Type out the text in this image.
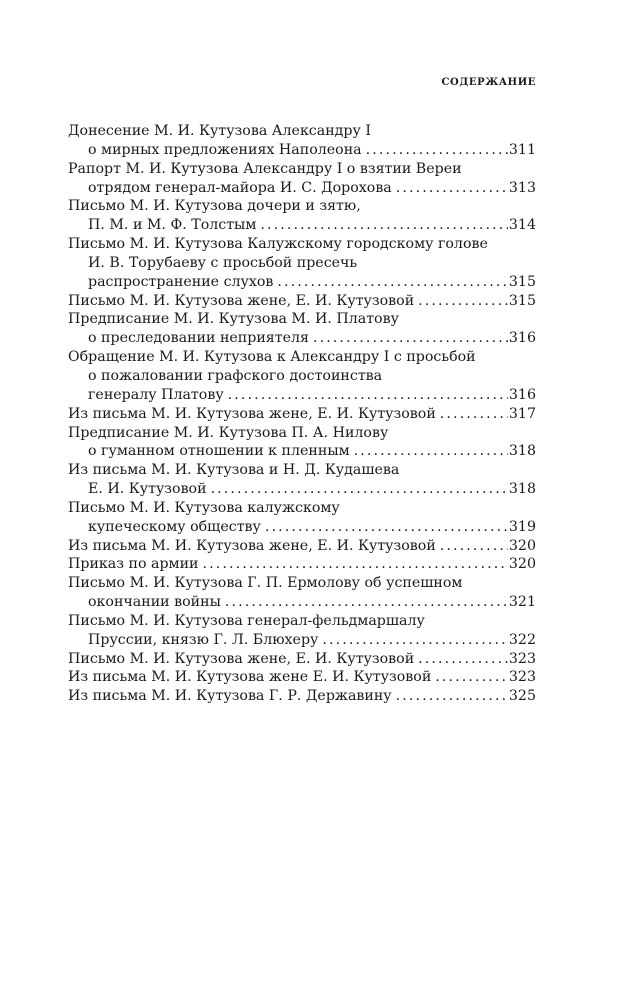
СОДЕРЖАНИЕ
Донесение М. И. Кутузова Александру I
о мирных предложениях Наполеона . . .	311
Рапорт М. И. Кутузова Александру I о взятии Вереи
отрядом генерал-майора И. С. Дорохова . . .	313
Письмо М. И. Кутузова дочери и зятю,
П. М. и М. Ф. Толстым . . .	314
Письмо М. И. Кутузова Калужскому городскому голове
И. В. Торубаеву с просьбой пресечь
распространение слухов . . .	315
Письмо М. И. Кутузова жене, Е. И. Кутузовой . . .	315
Предписание М. И. Кутузова М. И. Платову
о преследовании неприятеля . . .	316
Обращение М. И. Кутузова к Александру I с просьбой
о пожаловании графского достоинства
генералу Платову . . .	316
Из письма М. И. Кутузова жене, Е. И. Кутузовой . . .	317
Предписание М. И. Кутузова П. А. Нилову
о гуманном отношении к пленным . . .	318
Из письма М. И. Кутузова и Н. Д. Кудашева
Е. И. Кутузовой . . .	318
Письмо М. И. Кутузова калужскому
купеческому обществу . . .	319
Из письма М. И. Кутузова жене, Е. И. Кутузовой . . .	320
Приказ по армии . . .	320
Письмо М. И. Кутузова Г. П. Ермолову об успешном
окончании войны . . .	321
Письмо М. И. Кутузова генерал-фельдмаршалу
Пруссии, князю Г. Л. Блюхеру . . .	322
Письмо М. И. Кутузова жене, Е. И. Кутузовой . . .	323
Из письма М. И. Кутузова жене Е. И. Кутузовой . . .	323
Из письма М. И. Кутузова Г. Р. Державину . . .	325
